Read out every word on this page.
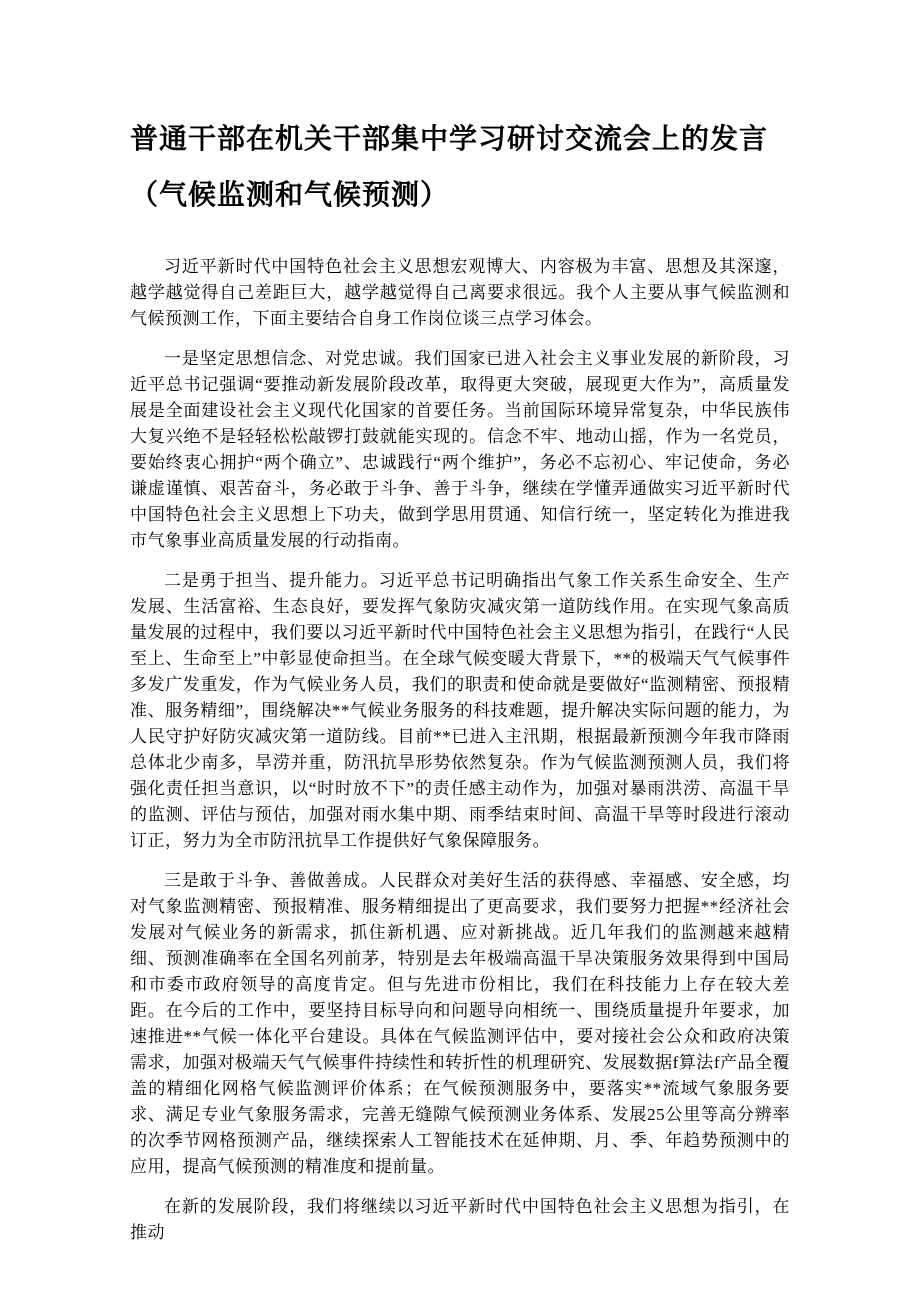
普通干部在机关干部集中学习研讨交流会上的发言
（气候监测和气候预测）

习近平新时代中国特色社会主义思想宏观博大、内容极为丰富、思想及其深邃，越学越觉得自己差距巨大，越学越觉得自己离要求很远。我个人主要从事气候监测和气候预测工作，下面主要结合自身工作岗位谈三点学习体会。

一是坚定思想信念、对党忠诚。我们国家已进入社会主义事业发展的新阶段，习近平总书记强调“要推动新发展阶段改革，取得更大突破，展现更大作为”，高质量发展是全面建设社会主义现代化国家的首要任务。当前国际环境异常复杂，中华民族伟大复兴绝不是轻轻松松敲锣打鼓就能实现的。信念不牢、地动山摇，作为一名党员，要始终衷心拥护“两个确立”、忠诚践行“两个维护”，务必不忘初心、牢记使命，务必谦虚谨慎、艰苦奋斗，务必敢于斗争、善于斗争，继续在学懂弄通做实习近平新时代中国特色社会主义思想上下功夫，做到学思用贯通、知信行统一，坚定转化为推进我市气象事业高质量发展的行动指南。

二是勇于担当、提升能力。习近平总书记明确指出气象工作关系生命安全、生产发展、生活富裕、生态良好，要发挥气象防灾减灾第一道防线作用。在实现气象高质量发展的过程中，我们要以习近平新时代中国特色社会主义思想为指引，在践行“人民至上、生命至上”中彰显使命担当。在全球气候变暖大背景下，**的极端天气气候事件多发广发重发，作为气候业务人员，我们的职责和使命就是要做好“监测精密、预报精准、服务精细”，围绕解决**气候业务服务的科技难题，提升解决实际问题的能力，为人民守护好防灾减灾第一道防线。目前**已进入主汛期，根据最新预测今年我市降雨总体北少南多，旱涝并重，防汛抗旱形势依然复杂。作为气候监测预测人员，我们将强化责任担当意识，以“时时放不下”的责任感主动作为，加强对暴雨洪涝、高温干旱的监测、评估与预估，加强对雨水集中期、雨季结束时间、高温干旱等时段进行滚动订正，努力为全市防汛抗旱工作提供好气象保障服务。

三是敢于斗争、善做善成。人民群众对美好生活的获得感、幸福感、安全感，均对气象监测精密、预报精准、服务精细提出了更高要求，我们要努力把握**经济社会发展对气候业务的新需求，抓住新机遇、应对新挑战。近几年我们的监测越来越精细、预测准确率在全国名列前茅，特别是去年极端高温干旱决策服务效果得到中国局和市委市政府领导的高度肯定。但与先进市份相比，我们在科技能力上存在较大差距。在今后的工作中，要坚持目标导向和问题导向相统一、围绕质量提升年要求，加速推进**气候一体化平台建设。具体在气候监测评估中，要对接社会公众和政府决策需求，加强对极端天气气候事件持续性和转折性的机理研究、发展数据f算法f产品全覆盖的精细化网格气候监测评价体系；在气候预测服务中，要落实**流域气象服务要求、满足专业气象服务需求，完善无缝隙气候预测业务体系、发展25公里等高分辨率的次季节网格预测产品，继续探索人工智能技术在延伸期、月、季、年趋势预测中的应用，提高气候预测的精准度和提前量。

在新的发展阶段，我们将继续以习近平新时代中国特色社会主义思想为指引，在推动
